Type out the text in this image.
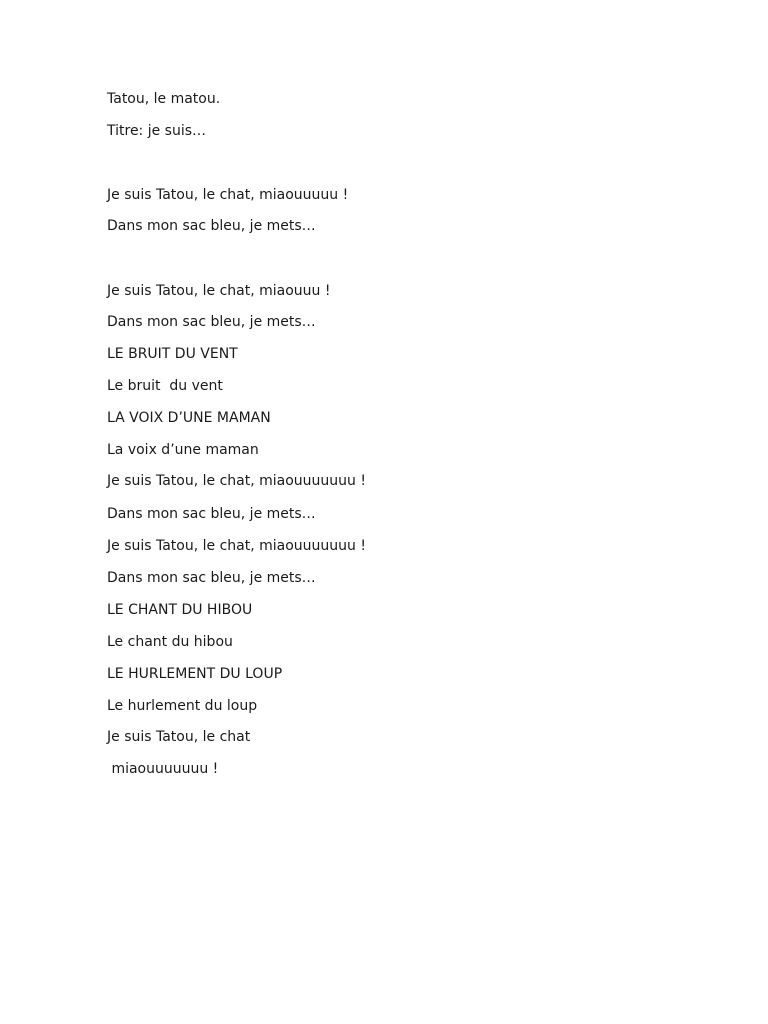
Tatou, le matou.
Titre: je suis…
Je suis Tatou, le chat, miaouuuuu !
Dans mon sac bleu, je mets…
Je suis Tatou, le chat, miaouuu !
Dans mon sac bleu, je mets…
LE BRUIT DU VENT
Le bruit  du vent
LA VOIX D’UNE MAMAN
La voix d’une maman
Je suis Tatou, le chat, miaouuuuuuu !
Dans mon sac bleu, je mets…
Je suis Tatou, le chat, miaouuuuuuu !
Dans mon sac bleu, je mets…
LE CHANT DU HIBOU
Le chant du hibou
LE HURLEMENT DU LOUP
Le hurlement du loup
Je suis Tatou, le chat
miaouuuuuuu !
